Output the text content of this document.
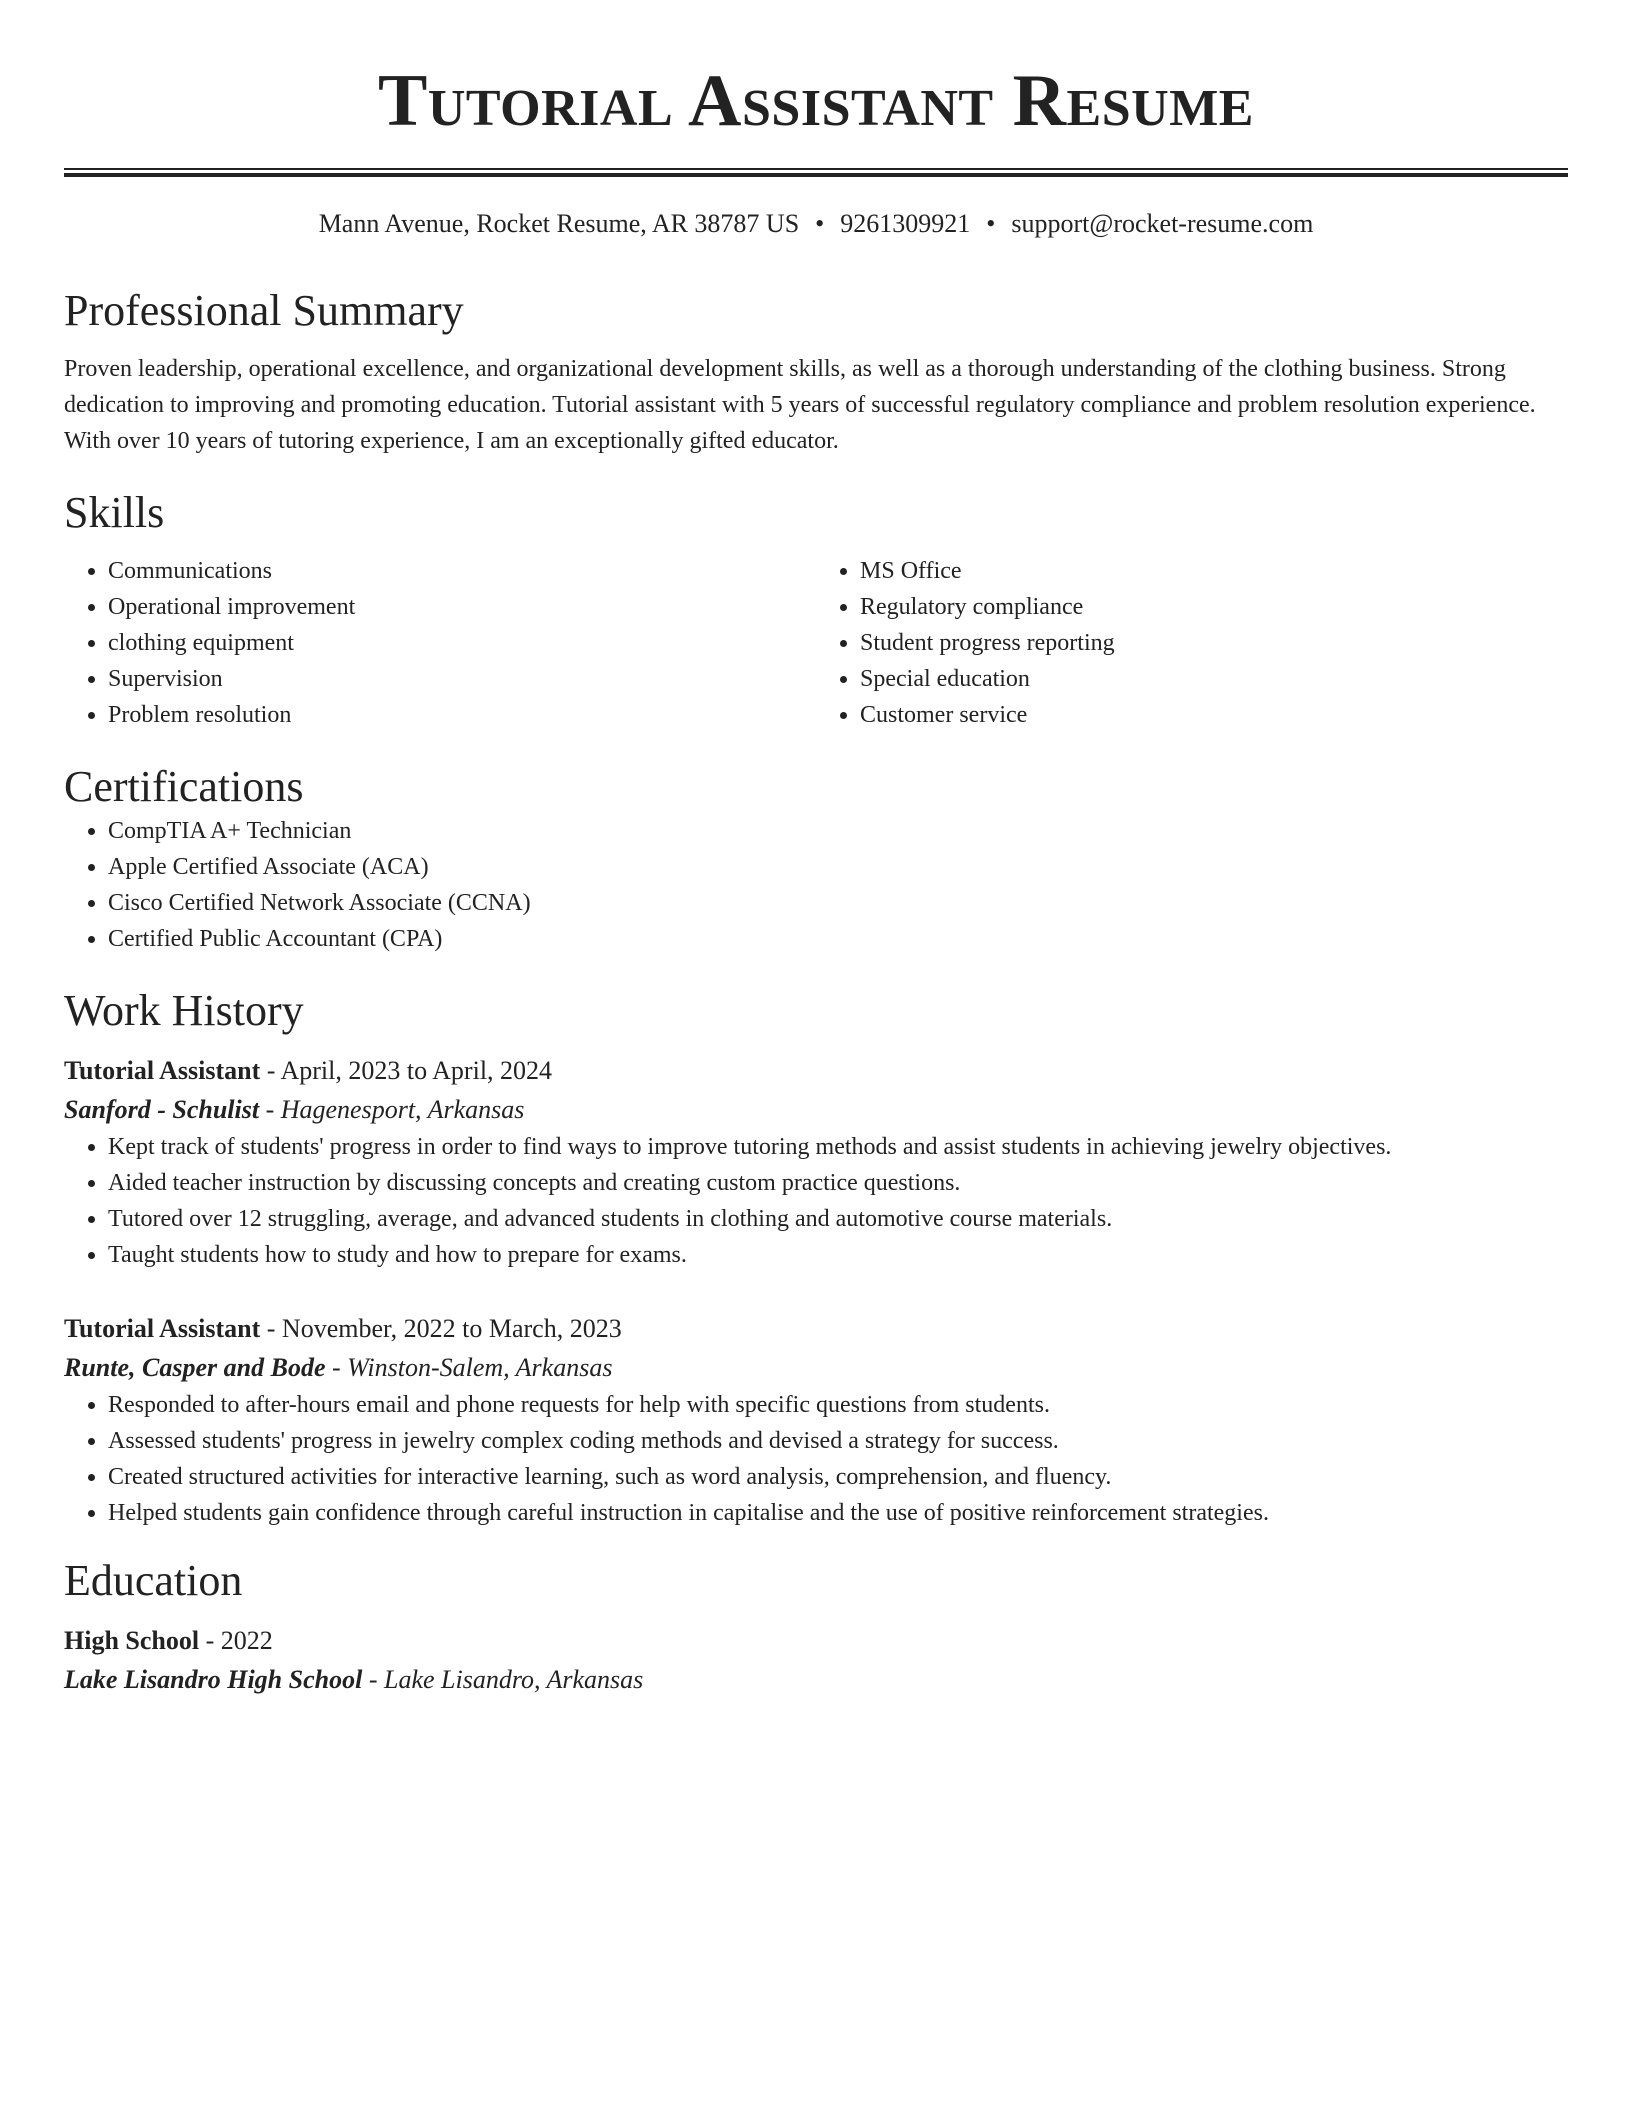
Tutorial Assistant Resume
Mann Avenue, Rocket Resume, AR 38787 US • 9261309921 • support@rocket-resume.com
Professional Summary

Proven leadership, operational excellence, and organizational development skills, as well as a thorough understanding of the clothing business. Strong dedication to improving and promoting education. Tutorial assistant with 5 years of successful regulatory compliance and problem resolution experience. With over 10 years of tutoring experience, I am an exceptionally gifted educator.

Skills
• Communications
• Operational improvement
• clothing equipment
• Supervision
• Problem resolution
• MS Office
• Regulatory compliance
• Student progress reporting
• Special education
• Customer service
Certifications
• CompTIA A+ Technician
• Apple Certified Associate (ACA)
• Cisco Certified Network Associate (CCNA)
• Certified Public Accountant (CPA)
Work History
Tutorial Assistant - April, 2023 to April, 2024
Sanford - Schulist - Hagenesport, Arkansas
• Kept track of students' progress in order to find ways to improve tutoring methods and assist students in achieving jewelry objectives.
• Aided teacher instruction by discussing concepts and creating custom practice questions.
• Tutored over 12 struggling, average, and advanced students in clothing and automotive course materials.
• Taught students how to study and how to prepare for exams.
Tutorial Assistant - November, 2022 to March, 2023
Runte, Casper and Bode - Winston-Salem, Arkansas
• Responded to after-hours email and phone requests for help with specific questions from students.
• Assessed students' progress in jewelry complex coding methods and devised a strategy for success.
• Created structured activities for interactive learning, such as word analysis, comprehension, and fluency.
• Helped students gain confidence through careful instruction in capitalise and the use of positive reinforcement strategies.
Education
High School - 2022
Lake Lisandro High School - Lake Lisandro, Arkansas
